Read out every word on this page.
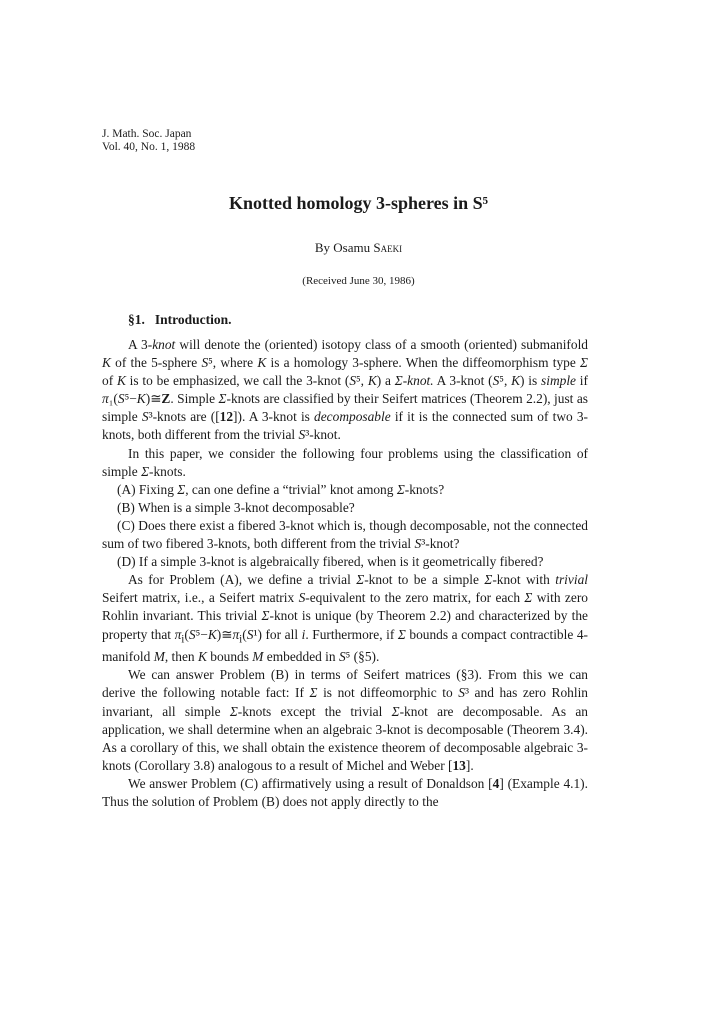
J. Math. Soc. Japan
Vol. 40, No. 1, 1988
Knotted homology 3-spheres in S⁵
By Osamu Saeki
(Received June 30, 1986)
§1. Introduction.

A 3-knot will denote the (oriented) isotopy class of a smooth (oriented) submanifold K of the 5-sphere S⁵, where K is a homology 3-sphere. When the diffeomorphism type Σ of K is to be emphasized, we call the 3-knot (S⁵, K) a Σ-knot. A 3-knot (S⁵, K) is simple if π₁(S⁵−K)≅Z. Simple Σ-knots are classified by their Seifert matrices (Theorem 2.2), just as simple S³-knots are ([12]). A 3-knot is decomposable if it is the connected sum of two 3-knots, both different from the trivial S³-knot.

In this paper, we consider the following four problems using the classification of simple Σ-knots.

(A) Fixing Σ, can one define a “trivial” knot among Σ-knots?

(B) When is a simple 3-knot decomposable?

(C) Does there exist a fibered 3-knot which is, though decomposable, not the connected sum of two fibered 3-knots, both different from the trivial S³-knot?

(D) If a simple 3-knot is algebraically fibered, when is it geometrically fibered?

As for Problem (A), we define a trivial Σ-knot to be a simple Σ-knot with trivial Seifert matrix, i.e., a Seifert matrix S-equivalent to the zero matrix, for each Σ with zero Rohlin invariant. This trivial Σ-knot is unique (by Theorem 2.2) and characterized by the property that $\pi_i(S^5-K)≅\pi_i(S^1)$ for all i. Furthermore, if Σ bounds a compact contractible 4-manifold M, then K bounds M embedded in S⁵ (§5).

We can answer Problem (B) in terms of Seifert matrices (§3). From this we can derive the following notable fact: If Σ is not diffeomorphic to S³ and has zero Rohlin invariant, all simple Σ-knots except the trivial Σ-knot are decomposable. As an application, we shall determine when an algebraic 3-knot is decomposable (Theorem 3.4). As a corollary of this, we shall obtain the existence theorem of decomposable algebraic 3-knots (Corollary 3.8) analogous to a result of Michel and Weber [13].

We answer Problem (C) affirmatively using a result of Donaldson [4] (Example 4.1). Thus the solution of Problem (B) does not apply directly to the
